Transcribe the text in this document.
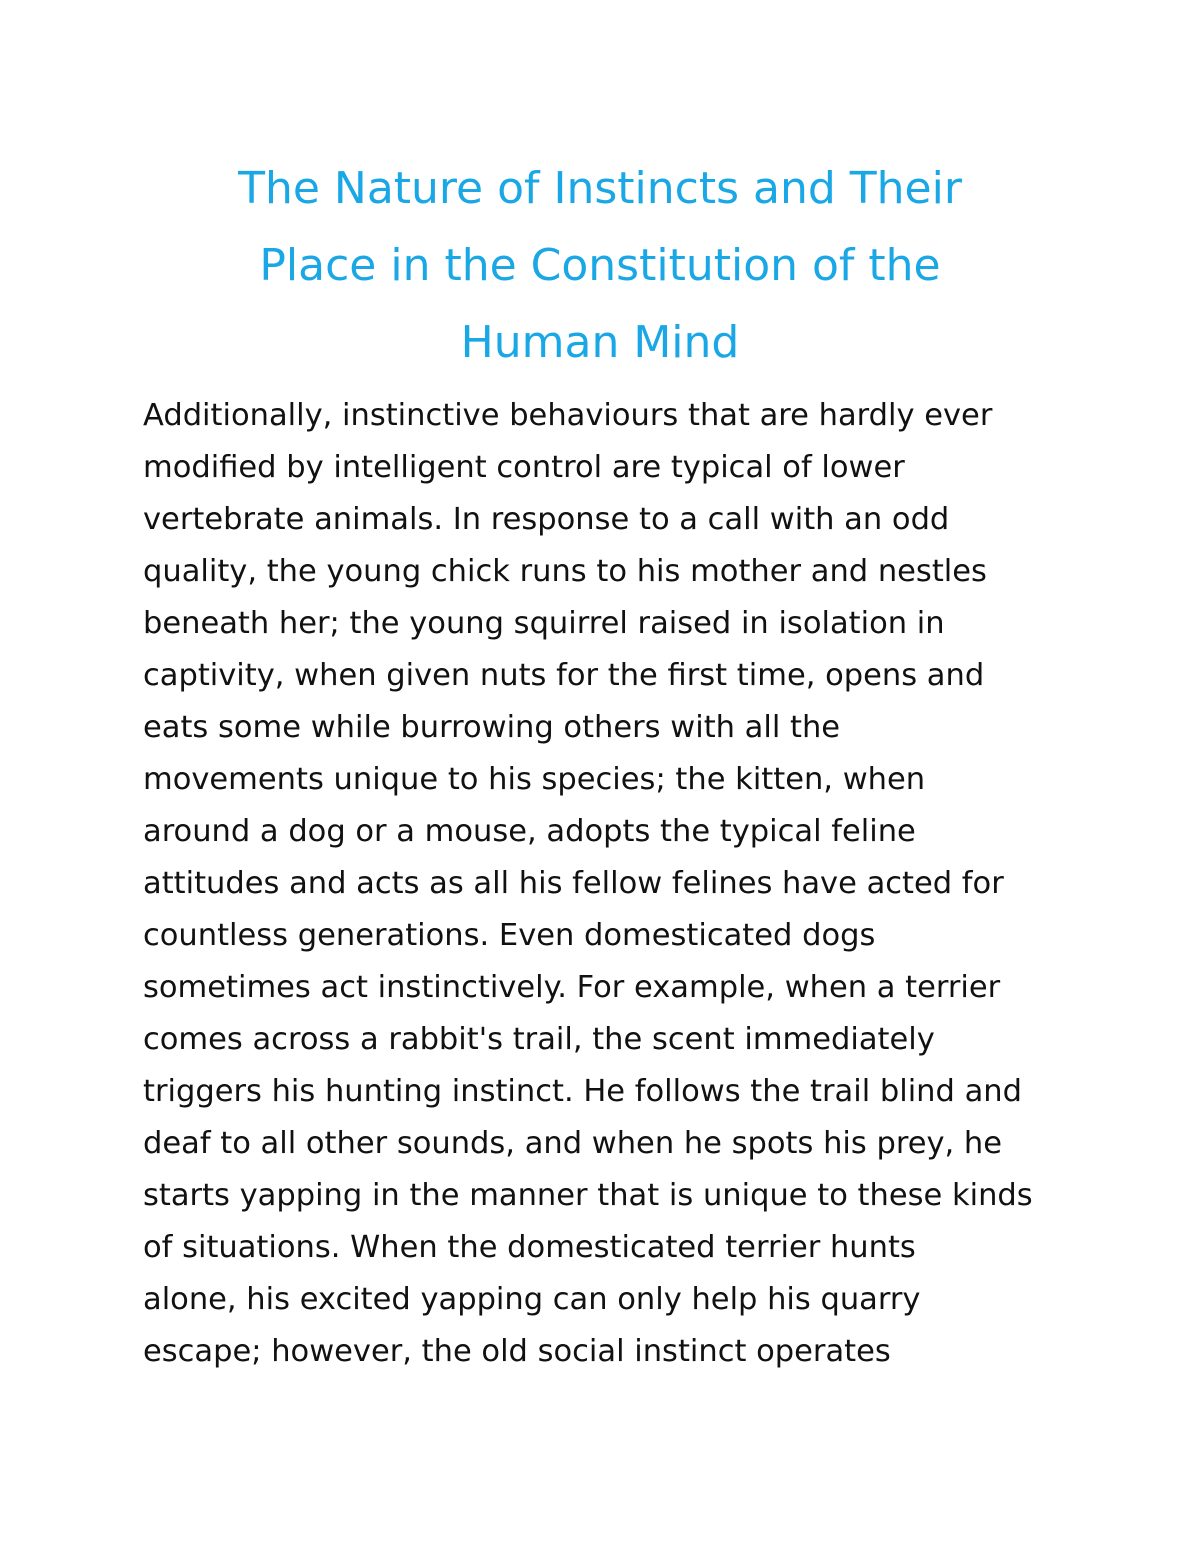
The Nature of Instincts and Their
Place in the Constitution of the
Human Mind

Additionally, instinctive behaviours that are hardly ever
modified by intelligent control are typical of lower
vertebrate animals. In response to a call with an odd
quality, the young chick runs to his mother and nestles
beneath her; the young squirrel raised in isolation in
captivity, when given nuts for the first time, opens and
eats some while burrowing others with all the
movements unique to his species; the kitten, when
around a dog or a mouse, adopts the typical feline
attitudes and acts as all his fellow felines have acted for
countless generations. Even domesticated dogs
sometimes act instinctively. For example, when a terrier
comes across a rabbit's trail, the scent immediately
triggers his hunting instinct. He follows the trail blind and
deaf to all other sounds, and when he spots his prey, he
starts yapping in the manner that is unique to these kinds
of situations. When the domesticated terrier hunts
alone, his excited yapping can only help his quarry
escape; however, the old social instinct operates
